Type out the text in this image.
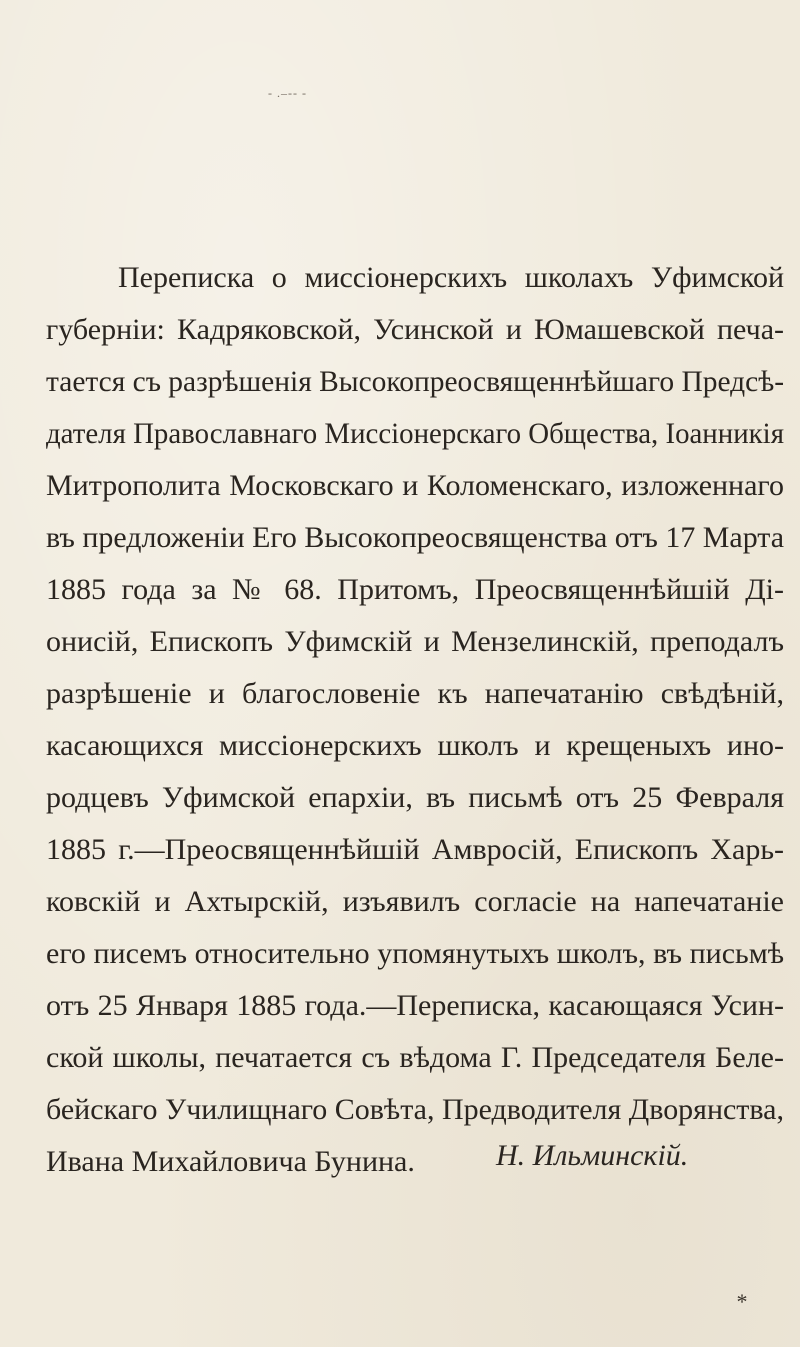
- .–-- -
Переписка о миссіонерскихъ школахъ Уфимской
губерніи: Кадряковской, Усинской и Юмашевской печа-
тается съ разрѣшенія Высокопреосвященнѣйшаго Предсѣ-
дателя Православнаго Миссіонерскаго Общества, Іоанникія
Митрополита Московскаго и Коломенскаго, изложеннаго
въ предложеніи Его Высокопреосвященства отъ 17 Марта
1885 года за № 68. Притомъ, Преосвященнѣйшій Ді-
онисій, Епископъ Уфимскій и Мензелинскій, преподалъ
разрѣшеніе и благословеніе къ напечатанію свѣдѣній,
касающихся миссіонерскихъ школъ и крещеныхъ ино-
родцевъ Уфимской епархіи, въ письмѣ отъ 25 Февраля
1885 г.—Преосвященнѣйшій Амвросій, Епископъ Харь-
ковскій и Ахтырскій, изъявилъ согласіе на напечатаніе
его писемъ относительно упомянутыхъ школъ, въ письмѣ
отъ 25 Января 1885 года.—Переписка, касающаяся Усин-
ской школы, печатается съ вѣдома Г. Председателя Беле-
бейскаго Училищнаго Совѣта, Предводителя Дворянства,
Ивана Михайловича Бунина.	Н. Ильминскій.
*
